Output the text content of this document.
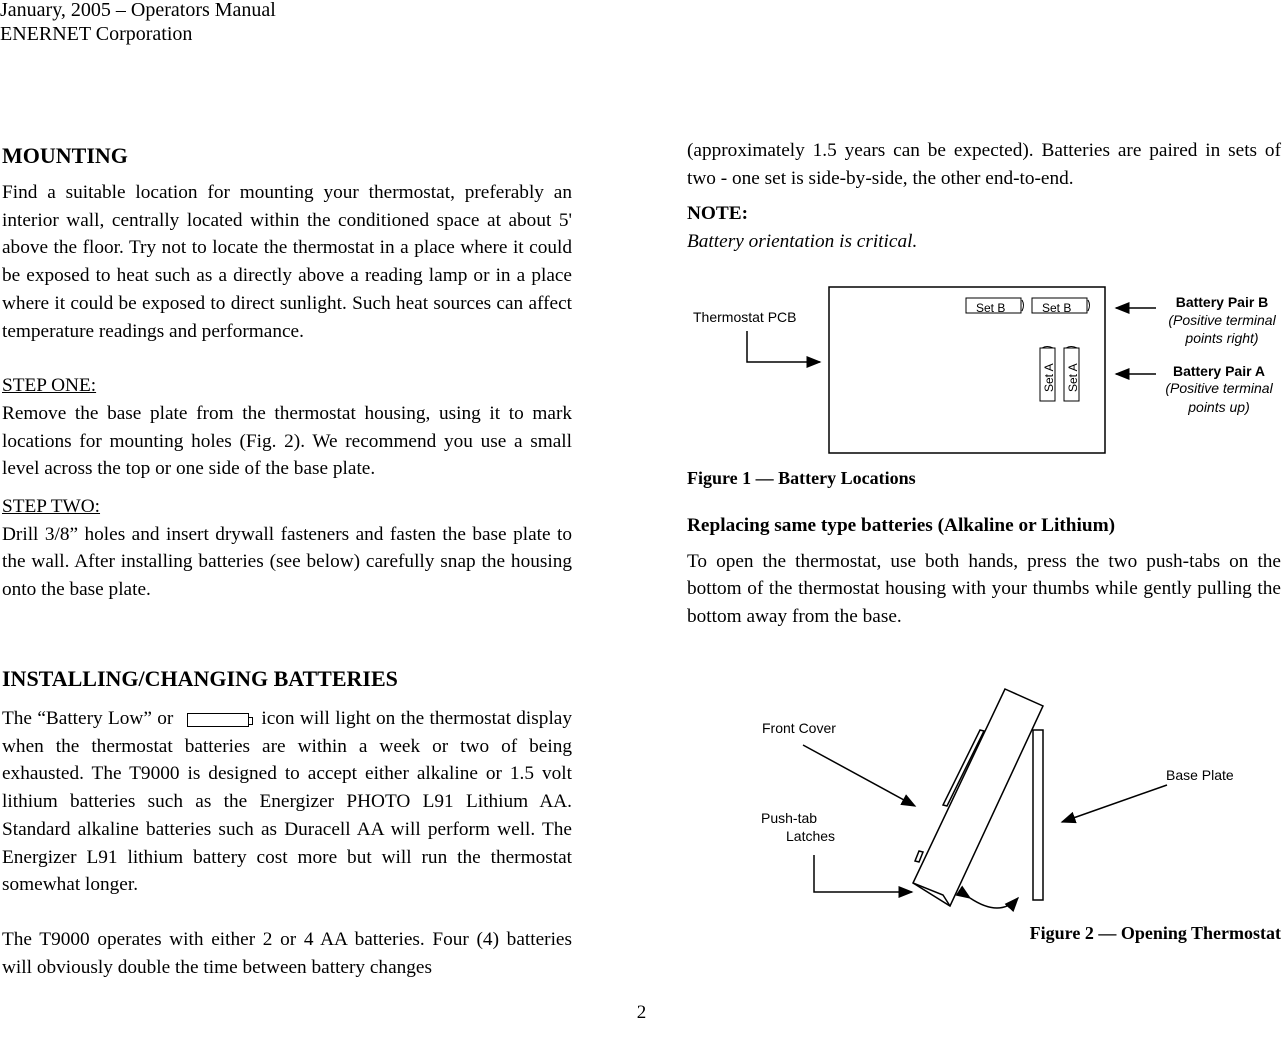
January, 2005 – Operators Manual
ENERNET Corporation
MOUNTING

Find a suitable location for mounting your thermostat, preferably an interior wall, centrally located within the conditioned space at about 5' above the floor. Try not to locate the thermostat in a place where it could be exposed to heat such as a directly above a reading lamp or in a place where it could be exposed to direct sunlight. Such heat sources can affect temperature readings and performance.

STEP ONE:

Remove the base plate from the thermostat housing, using it to mark locations for mounting holes (Fig. 2). We recommend you use a small level across the top or one side of the base plate.

STEP TWO:

Drill 3/8” holes and insert drywall fasteners and fasten the base plate to the wall. After installing batteries (see below) carefully snap the housing onto the base plate.

INSTALLING/CHANGING BATTERIES

The “Battery Low” or	icon will light on the thermostat display when the thermostat batteries are within a week or two of being exhausted. The T9000 is designed to accept either alkaline or 1.5 volt lithium batteries such as the Energizer PHOTO L91 Lithium AA. Standard alkaline batteries such as Duracell AA will perform well. The Energizer L91 lithium battery cost more but will run the thermostat somewhat longer.

The T9000 operates with either 2 or 4 AA batteries. Four (4) batteries will obviously double the time between battery changes

(approximately 1.5 years can be expected). Batteries are paired in sets of two - one set is side-by-side, the other end-to-end.

NOTE:

Battery orientation is critical.

Thermostat PCB
Set B	Set B
Set A Set A
Battery Pair B
(Positive terminal
points right)
Battery Pair A
(Positive terminal
points up)
Front Cover
Base Plate
Push-tab
Latches
Figure 1 — Battery Locations

Replacing same type batteries (Alkaline or Lithium)

To open the thermostat, use both hands, press the two push-tabs on the bottom of the thermostat housing with your thumbs while gently pulling the bottom away from the base.

Figure 2 — Opening Thermostat
2
